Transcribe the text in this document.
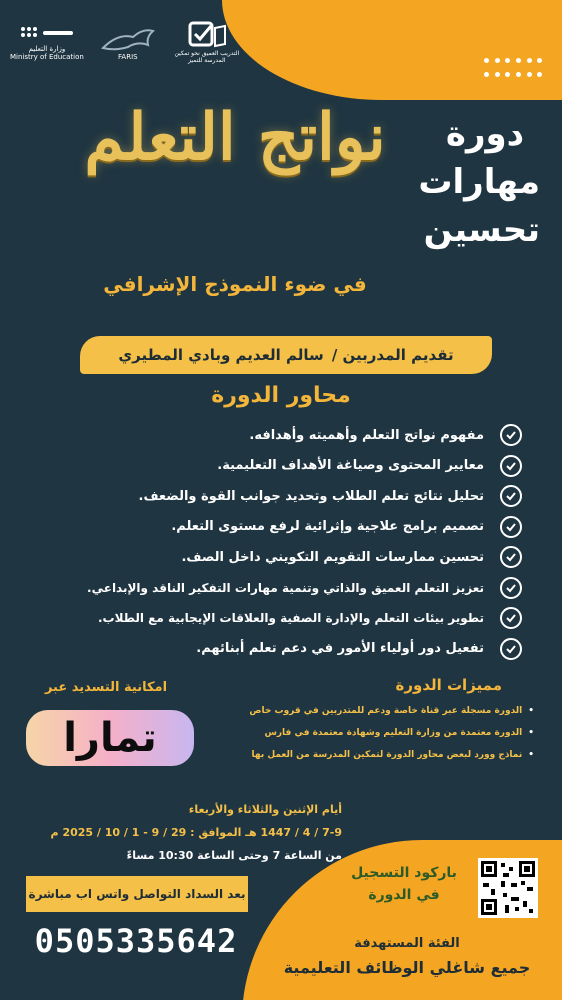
وزارة التعليم
Ministry of Education	FARIS	التدريب العميق نحو تمكين المدرسة للتميز
دورة
مهارات
تحسين
نواتج التعلم
في ضوء النموذج الإشرافي
تقديم المدربين /
سالم العديم وبادي المطيري
محاور الدورة
مفهوم نواتج التعلم وأهميته وأهدافه.
معايير المحتوى وصياغة الأهداف التعليمية.
تحليل نتائج تعلم الطلاب وتحديد جوانب القوة والضعف.
تصميم برامج علاجية وإثرائية لرفع مستوى التعلم.
تحسين ممارسات التقويم التكويني داخل الصف.
تعزيز التعلم العميق والذاتي وتنمية مهارات التفكير الناقد والإبداعي.
تطوير بيئات التعلم والإدارة الصفية والعلاقات الإيجابية مع الطلاب.
تفعيل دور أولياء الأمور في دعم تعلم أبنائهم.
مميزات الدورة
• الدورة مسجلة عبر قناة خاصة ودعم للمتدربين في قروب خاص
• الدورة معتمدة من وزارة التعليم وشهادة معتمدة في فارس
• نماذج وورد لبعض محاور الدورة لتمكين المدرسة من العمل بها
امكانية التسديد عبر
تمارا
أيام الإثنين والثلاثاء والأربعاء
7-9 / 4 / 1447 هـ الموافق : 29 / 9 - 1 / 10 / 2025 م
من الساعة 7 وحتى الساعة 10:30 مساءً
بعد السداد التواصل واتس اب مباشرة
0505335642
باركود التسجيل في الدورة
الفئة المستهدفة
جميع شاغلي الوظائف التعليمية
